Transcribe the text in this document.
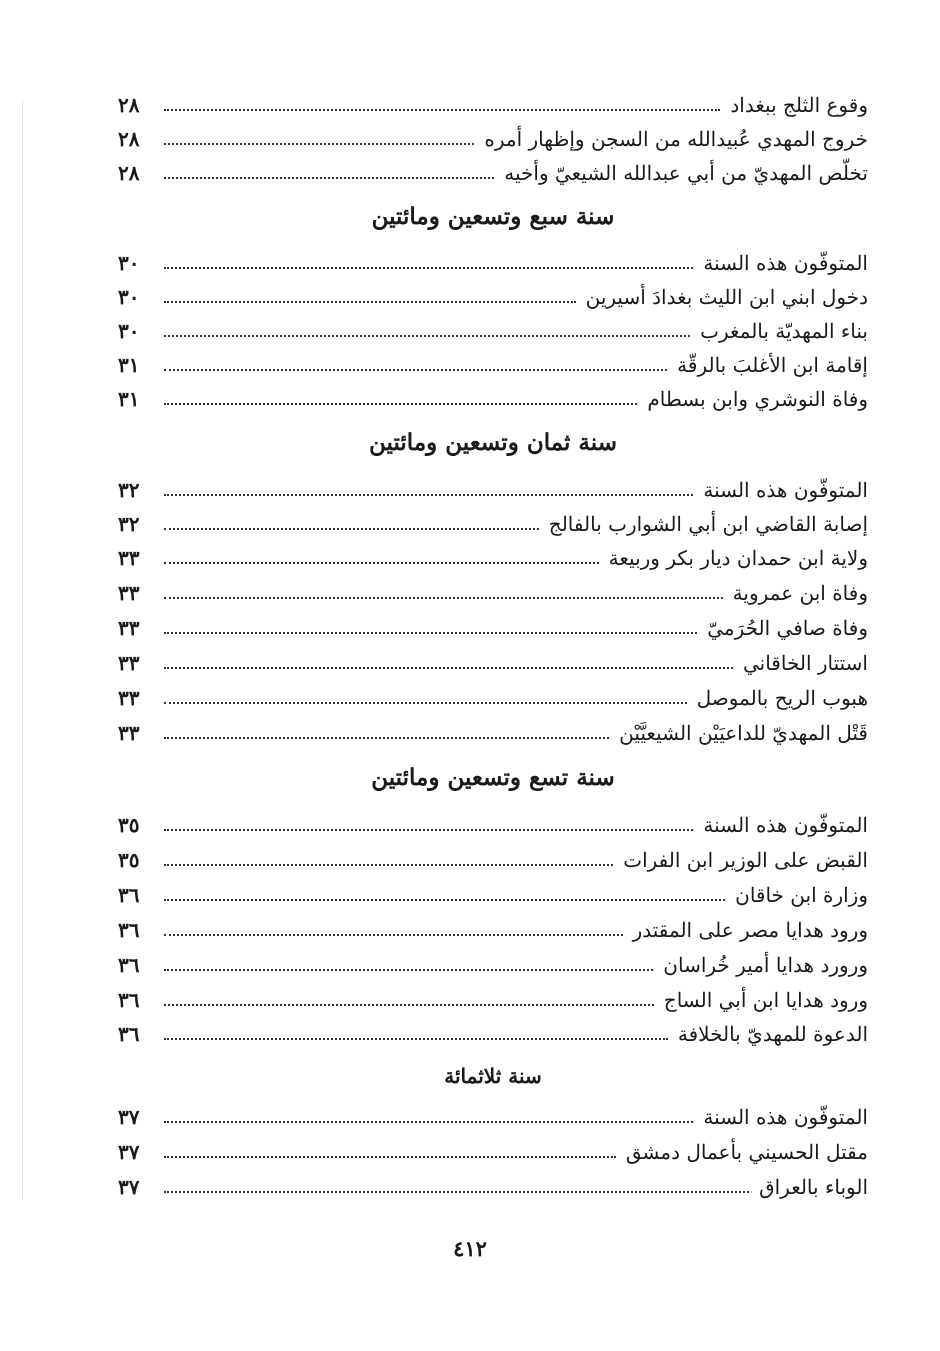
وقوع الثلج ببغداد
٢٨
خروج المهدي عُبيدالله من السجن وإظهار أمره
٢٨
تخلّص المهديّ من أبي عبدالله الشيعيّ وأخيه
٢٨
سنة سبع وتسعين ومائتين
المتوفّون هذه السنة
٣٠
دخول ابني ابن الليث بغدادَ أسيرين
٣٠
بناء المهديّة بالمغرب
٣٠
إقامة ابن الأغلبَ بالرقّة
٣١
وفاة النوشري وابن بسطام
٣١
سنة ثمان وتسعين ومائتين
المتوفّون هذه السنة
٣٢
إصابة القاضي ابن أبي الشوارب بالفالج
٣٢
ولاية ابن حمدان ديار بكر وربيعة
٣٣
وفاة ابن عمروية
٣٣
وفاة صافي الحُرَميّ
٣٣
استتار الخاقاني
٣٣
هبوب الريح بالموصل
٣٣
قَتْل المهديّ للداعيَيْن الشيعيَّيْن
٣٣
سنة تسع وتسعين ومائتين
المتوفّون هذه السنة
٣٥
القبض على الوزير ابن الفرات
٣٥
وزارة ابن خاقان
٣٦
ورود هدايا مصر على المقتدر
٣٦
ورورد هدايا أمير خُراسان
٣٦
ورود هدايا ابن أبي الساج
٣٦
الدعوة للمهديّ بالخلافة
٣٦
سنة ثلاثمائة
المتوفّون هذه السنة
٣٧
مقتل الحسيني بأعمال دمشق
٣٧
الوباء بالعراق
٣٧
٤١٢
